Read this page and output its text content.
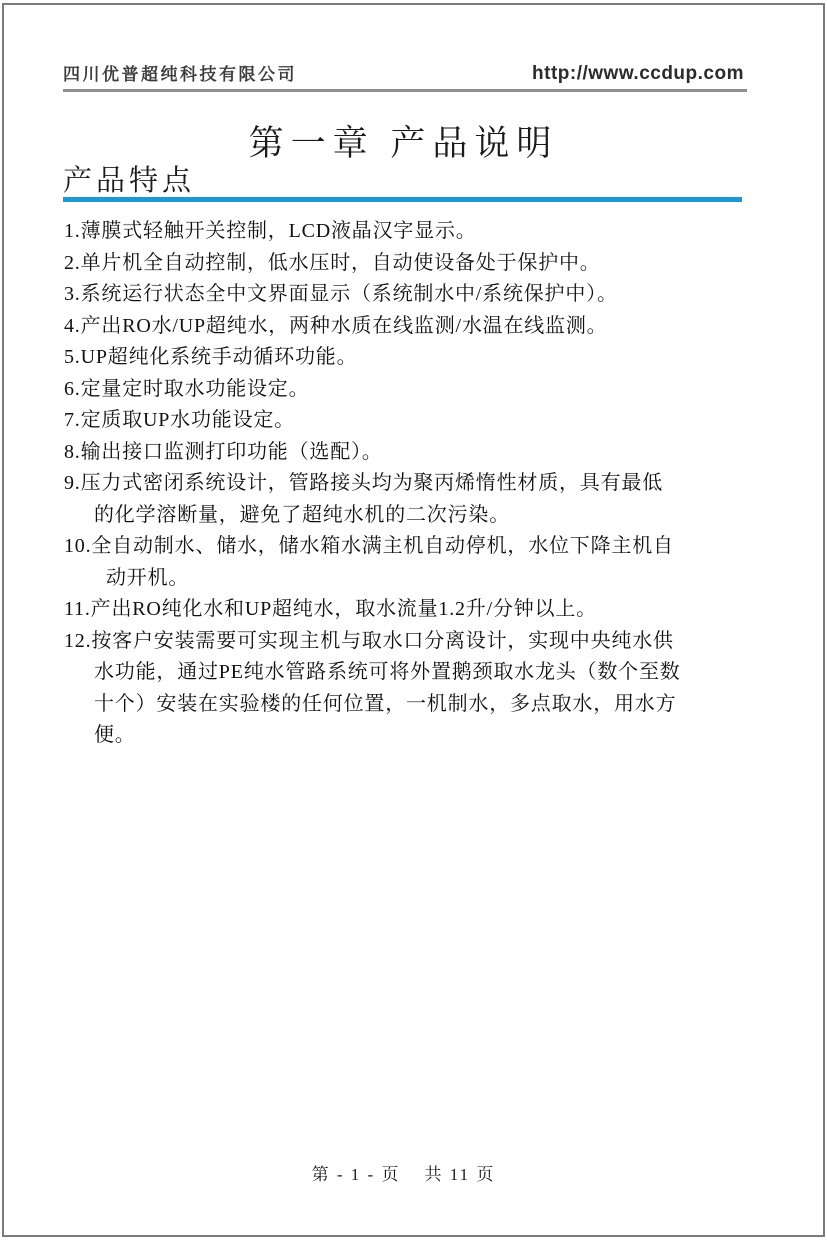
四川优普超纯科技有限公司	http://www.ccdup.com
第一章 产品说明
产品特点
1.薄膜式轻触开关控制，LCD液晶汉字显示。
2.单片机全自动控制，低水压时，自动使设备处于保护中。
3.系统运行状态全中文界面显示（系统制水中/系统保护中）。
4.产出RO水/UP超纯水，两种水质在线监测/水温在线监测。
5.UP超纯化系统手动循环功能。
6.定量定时取水功能设定。
7.定质取UP水功能设定。
8.输出接口监测打印功能（选配）。
9.压力式密闭系统设计，管路接头均为聚丙烯惰性材质，具有最低
的化学溶断量，避免了超纯水机的二次污染。
10.全自动制水、储水，储水箱水满主机自动停机，水位下降主机自
动开机。
11.产出RO纯化水和UP超纯水，取水流量1.2升/分钟以上。
12.按客户安装需要可实现主机与取水口分离设计，实现中央纯水供
水功能，通过PE纯水管路系统可将外置鹅颈取水龙头（数个至数
十个）安装在实验楼的任何位置，一机制水，多点取水，用水方
便。
第 - 1 - 页 共 11 页
